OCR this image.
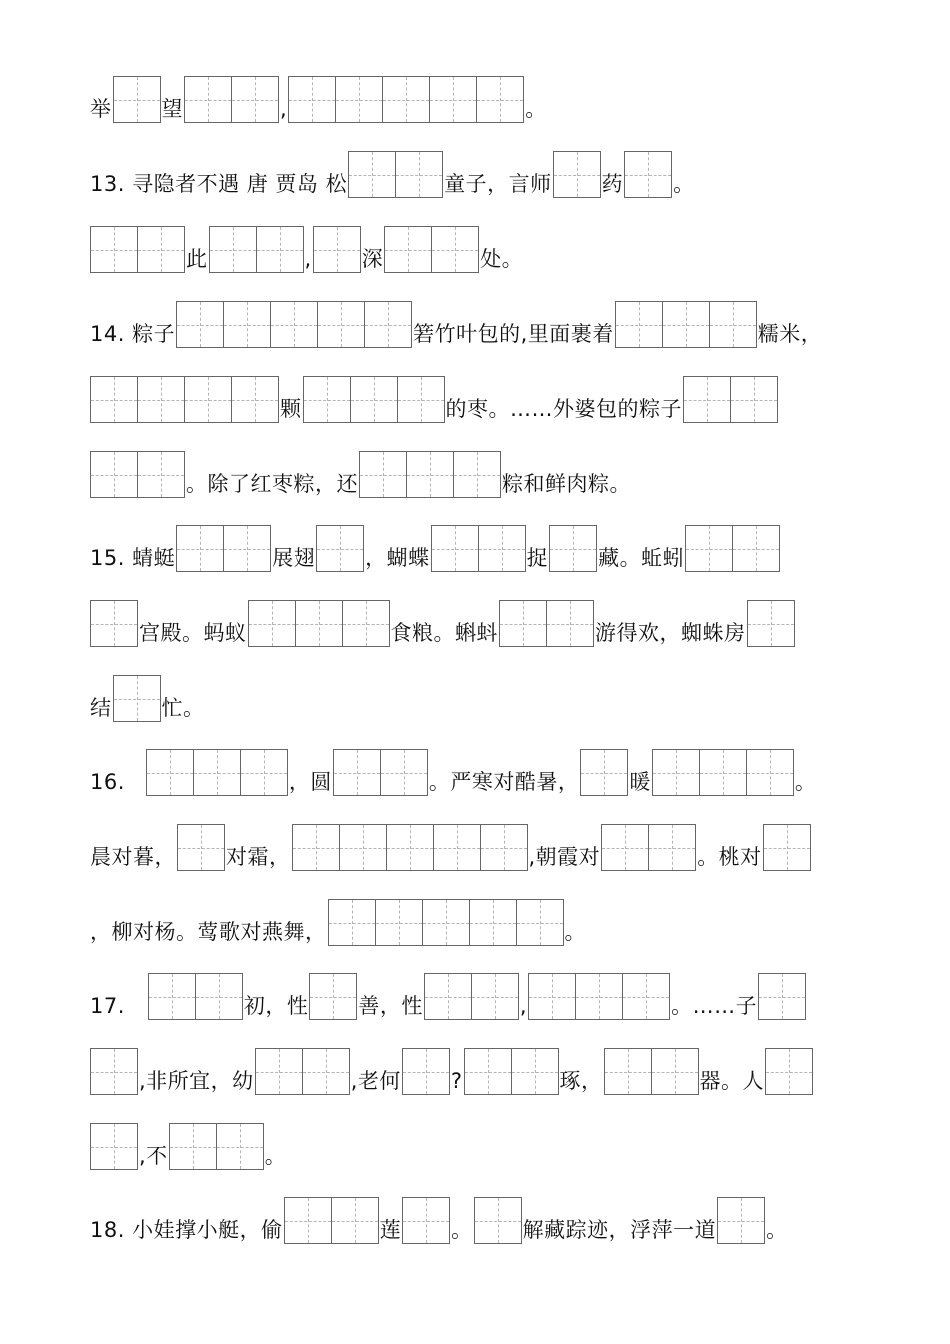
举 望	,	。
13. 寻隐者不遇 唐 贾岛 松	童子，言师 药 。
此	, 深	处。
14. 粽子	箬竹叶包的,里面裹着	糯米，
颗	的枣。……外婆包的粽子
。除了红枣粽，还	粽和鲜肉粽。
15. 蜻蜓	展翅 ，蝴蝶	捉 藏。蚯蚓
宫殿。蚂蚁	食粮。蝌蚪	游得欢，蜘蛛房
结 忙。
16.	，圆	。严寒对酷暑， 暖	。
晨对暮， 对霜，	,朝霞对	。桃对
，柳对杨。莺歌对燕舞，	。
17.	初，性 善，性	,	。……子
,非所宜，幼	,老何 ?	琢，	器。人
,不	。
18. 小娃撑小艇，偷	莲 。 解藏踪迹，浮萍一道 。
